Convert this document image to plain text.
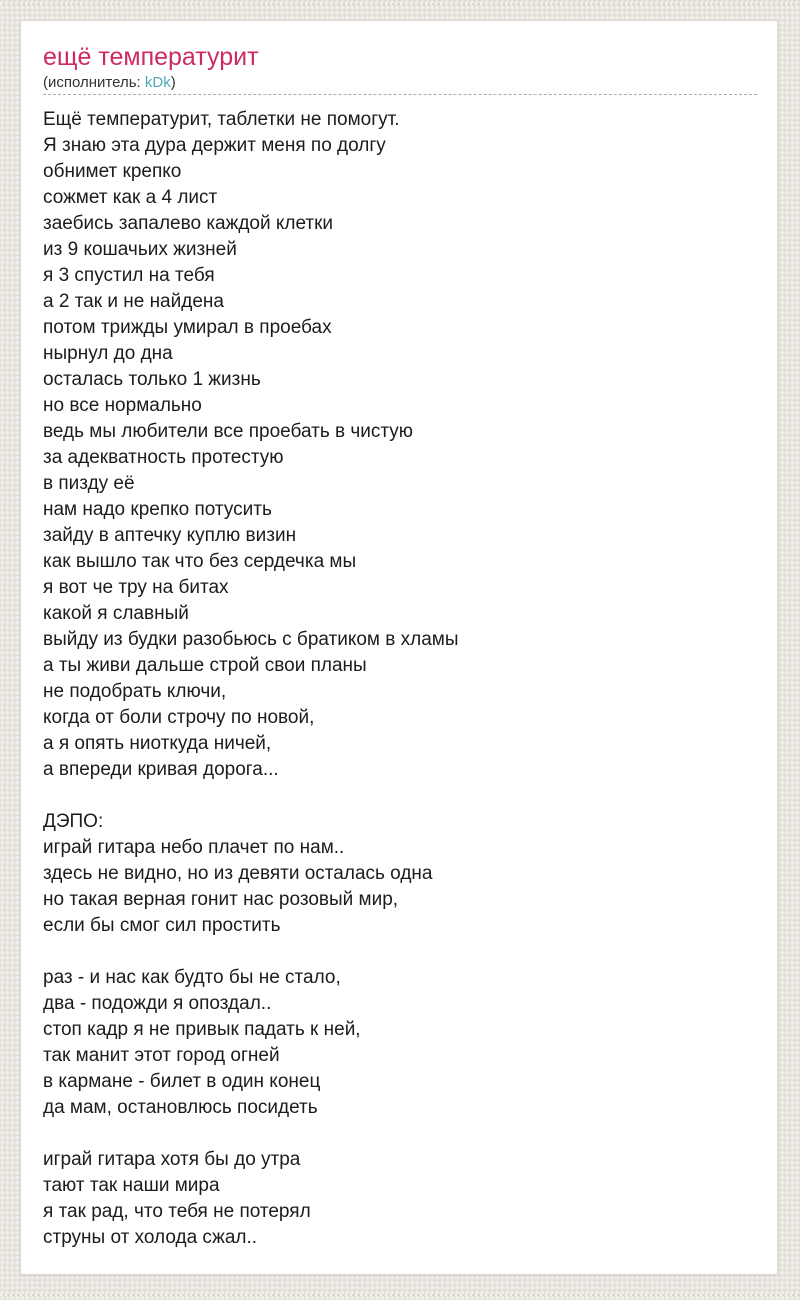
ещё температурит
(исполнитель: kDk)
Ещё температурит, таблетки не помогут.
Я знаю эта дура держит меня по долгу
обнимет крепко
сожмет как а 4 лист
заебись запалево каждой клетки
из 9 кошачьих жизней
я 3 спустил на тебя
а 2 так и не найдена
потом трижды умирал в проебах
нырнул до дна
осталась только 1 жизнь
но все нормально
ведь мы любители все проебать в чистую
за адекватность протестую
в пизду её
нам надо крепко потусить
зайду в аптечку куплю визин
как вышло так что без сердечка мы
я вот че тру на битах
какой я славный
выйду из будки разобьюсь с братиком в хламы
а ты живи дальше строй свои планы
не подобрать ключи,
когда от боли строчу по новой,
а я опять ниоткуда ничей,
а впереди кривая дорога...

ДЭПО:
играй гитара небо плачет по нам..
здесь не видно, но из девяти осталась одна
но такая верная гонит нас розовый мир,
если бы смог сил простить

раз - и нас как будто бы не стало,
два - подожди я опоздал..
стоп кадр я не привык падать к ней,
так манит этот город огней
в кармане - билет в один конец
да мам, остановлюсь посидеть

играй гитара хотя бы до утра
тают так наши мира
я так рад, что тебя не потерял
струны от холода сжал..
